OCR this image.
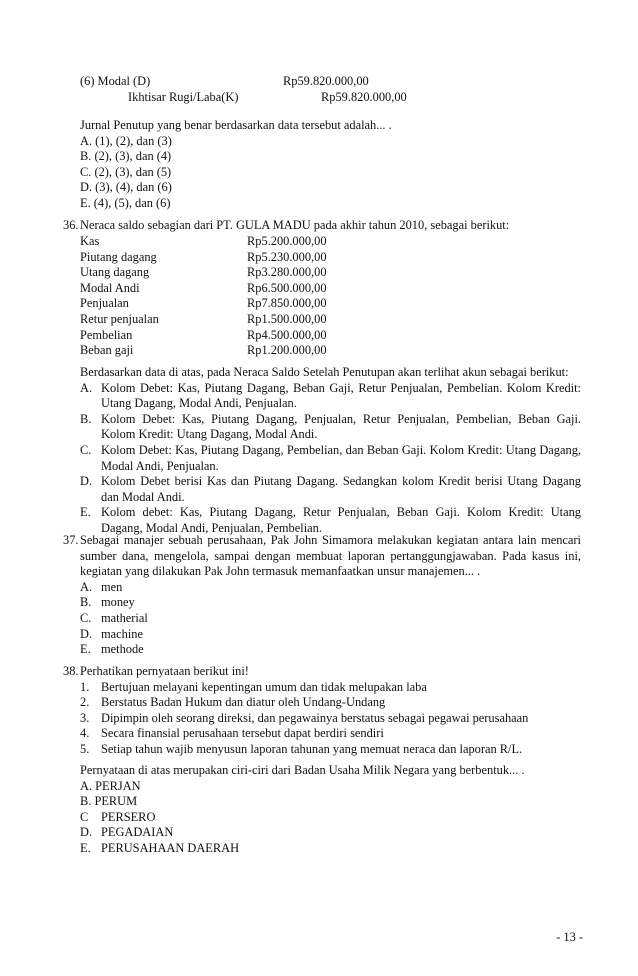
(6) Modal (D)	Rp59.820.000,00
Ikhtisar Rugi/Laba(K)	Rp59.820.000,00
Jurnal Penutup yang benar berdasarkan data tersebut adalah... .
A. (1), (2), dan (3)
B. (2), (3), dan (4)
C. (2), (3), dan (5)
D. (3), (4), dan (6)
E. (4), (5), dan (6)
36. Neraca saldo sebagian dari PT. GULA MADU pada akhir tahun 2010, sebagai berikut:
Kas	Rp5.200.000,00
Piutang dagang	Rp5.230.000,00
Utang dagang	Rp3.280.000,00
Modal Andi	Rp6.500.000,00
Penjualan	Rp7.850.000,00
Retur penjualan	Rp1.500.000,00
Pembelian	Rp4.500.000,00
Beban gaji	Rp1.200.000,00
Berdasarkan data di atas, pada Neraca Saldo Setelah Penutupan akan terlihat akun sebagai berikut:
A. Kolom Debet: Kas, Piutang Dagang, Beban Gaji, Retur Penjualan, Pembelian. Kolom Kredit: Utang Dagang, Modal Andi, Penjualan.
B. Kolom Debet: Kas, Piutang Dagang, Penjualan, Retur Penjualan, Pembelian, Beban Gaji. Kolom Kredit: Utang Dagang, Modal Andi.
C. Kolom Debet: Kas, Piutang Dagang, Pembelian, dan Beban Gaji. Kolom Kredit: Utang Dagang, Modal Andi, Penjualan.
D. Kolom Debet berisi Kas dan Piutang Dagang. Sedangkan kolom Kredit berisi Utang Dagang dan Modal Andi.
E. Kolom debet: Kas, Piutang Dagang, Retur Penjualan, Beban Gaji. Kolom Kredit: Utang Dagang, Modal Andi, Penjualan, Pembelian.
37. Sebagai manajer sebuah perusahaan, Pak John Simamora melakukan kegiatan antara lain mencari sumber dana, mengelola, sampai dengan membuat laporan pertanggungjawaban. Pada kasus ini, kegiatan yang dilakukan Pak John termasuk memanfaatkan unsur manajemen... .
A. men
B. money
C. matherial
D. machine
E. methode
38. Perhatikan pernyataan berikut ini!
1. Bertujuan melayani kepentingan umum dan tidak melupakan laba
2. Berstatus Badan Hukum dan diatur oleh Undang-Undang
3. Dipimpin oleh seorang direksi, dan pegawainya berstatus sebagai pegawai perusahaan
4. Secara finansial perusahaan tersebut dapat berdiri sendiri
5. Setiap tahun wajib menyusun laporan tahunan yang memuat neraca dan laporan R/L.
Pernyataan di atas merupakan ciri-ciri dari Badan Usaha Milik Negara yang berbentuk... .
A. PERJAN
B. PERUM
C PERSERO
D. PEGADAIAN
E. PERUSAHAAN DAERAH
- 13 -
